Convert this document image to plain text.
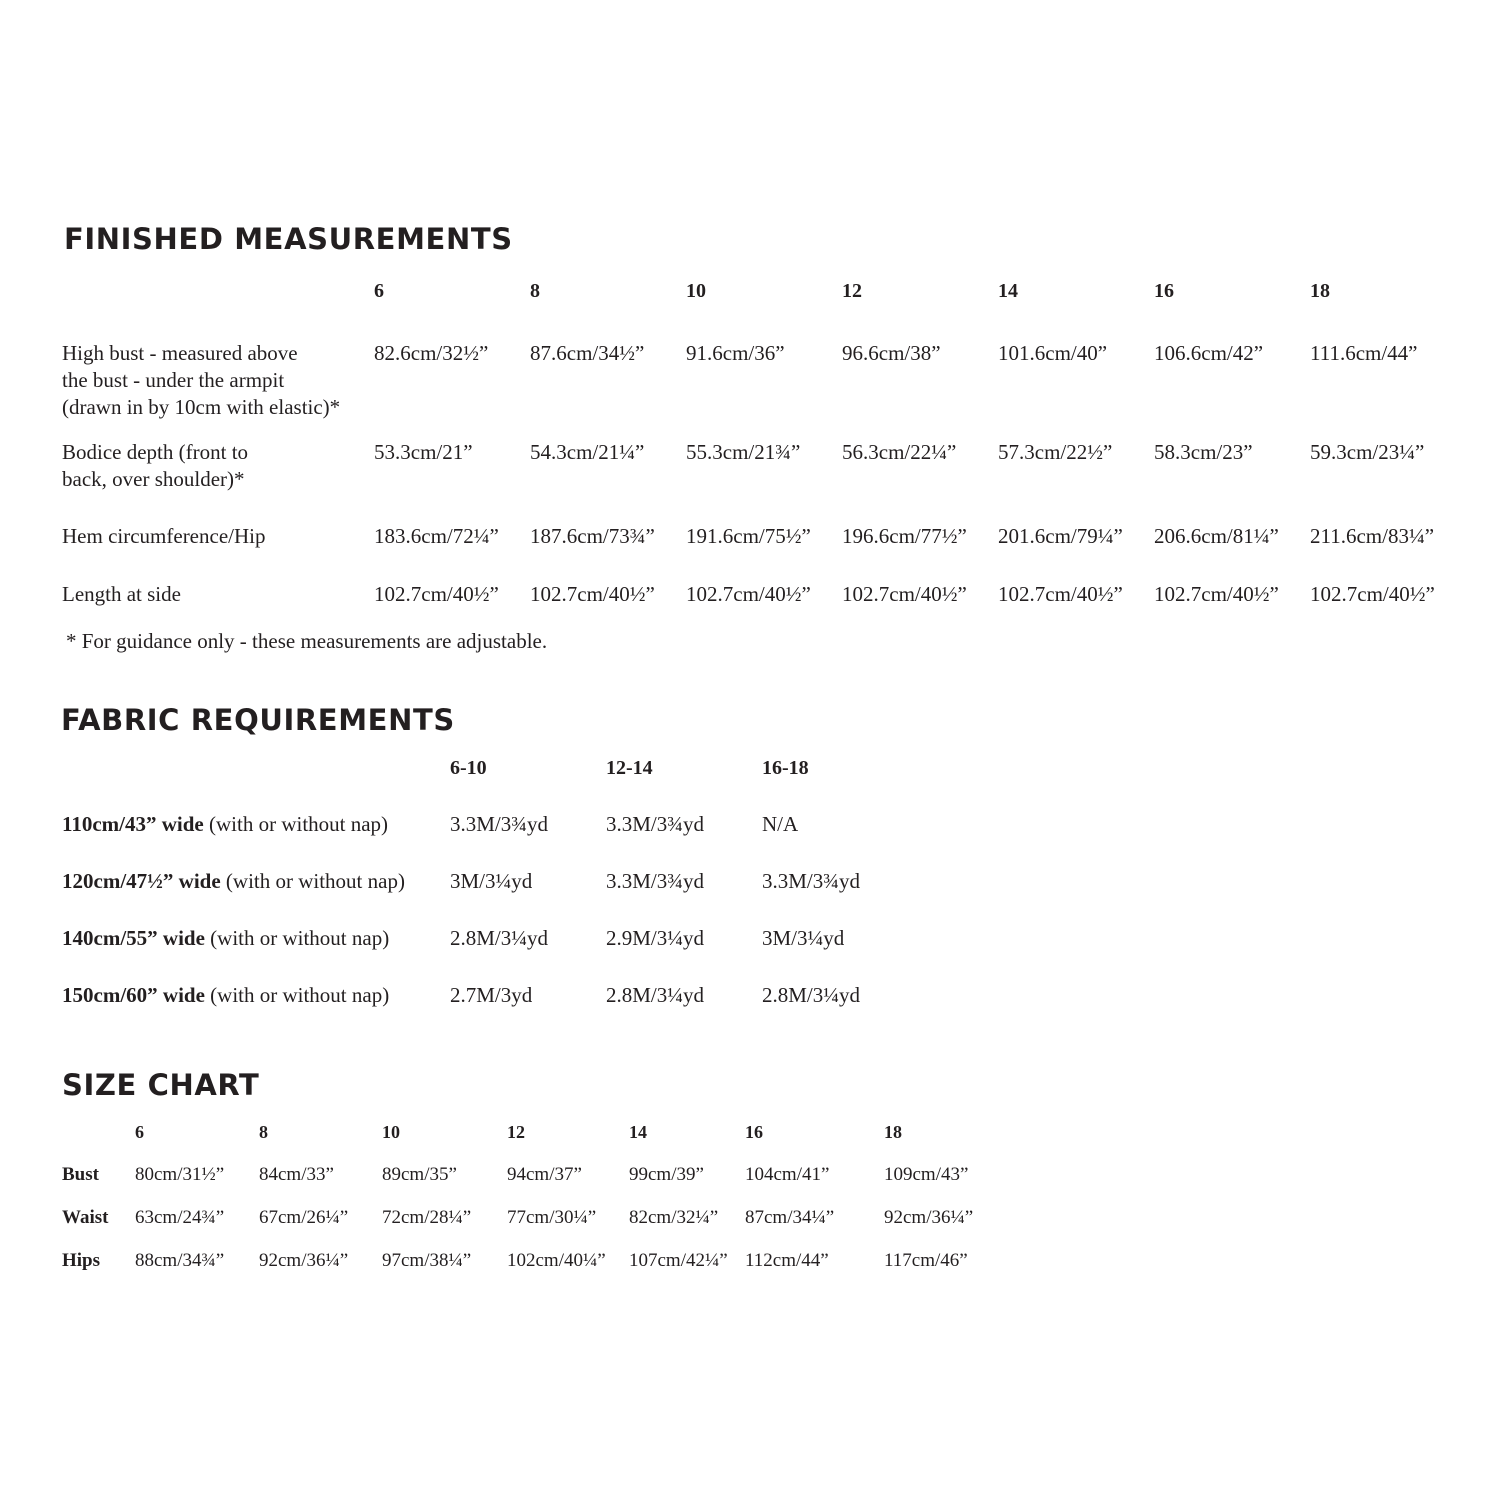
FINISHED MEASUREMENTS
	6	8	10	12	14	16	18
High bust - measured above
the bust - under the armpit
(drawn in by 10cm with elastic)*	82.6cm/32½”	87.6cm/34½”	91.6cm/36”	96.6cm/38”	101.6cm/40”	106.6cm/42”	111.6cm/44”
Bodice depth (front to
back, over shoulder)*	53.3cm/21”	54.3cm/21¼”	55.3cm/21¾”	56.3cm/22¼”	57.3cm/22½”	58.3cm/23”	59.3cm/23¼”
Hem circumference/Hip	183.6cm/72¼”	187.6cm/73¾”	191.6cm/75½”	196.6cm/77½”	201.6cm/79¼”	206.6cm/81¼”	211.6cm/83¼”
Length at side	102.7cm/40½”	102.7cm/40½”	102.7cm/40½”	102.7cm/40½”	102.7cm/40½”	102.7cm/40½”	102.7cm/40½”
* For guidance only - these measurements are adjustable.
FABRIC REQUIREMENTS
	6-10	12-14	16-18
110cm/43” wide (with or without nap)	3.3M/3¾yd	3.3M/3¾yd	N/A
120cm/47½” wide (with or without nap)	3M/3¼yd	3.3M/3¾yd	3.3M/3¾yd
140cm/55” wide (with or without nap)	2.8M/3¼yd	2.9M/3¼yd	3M/3¼yd
150cm/60” wide (with or without nap)	2.7M/3yd	2.8M/3¼yd	2.8M/3¼yd
SIZE CHART
	6	8	10	12	14	16	18
Bust	80cm/31½”	84cm/33”	89cm/35”	94cm/37”	99cm/39”	104cm/41”	109cm/43”
Waist	63cm/24¾”	67cm/26¼”	72cm/28¼”	77cm/30¼”	82cm/32¼”	87cm/34¼”	92cm/36¼”
Hips	88cm/34¾”	92cm/36¼”	97cm/38¼”	102cm/40¼”	107cm/42¼”	112cm/44”	117cm/46”
